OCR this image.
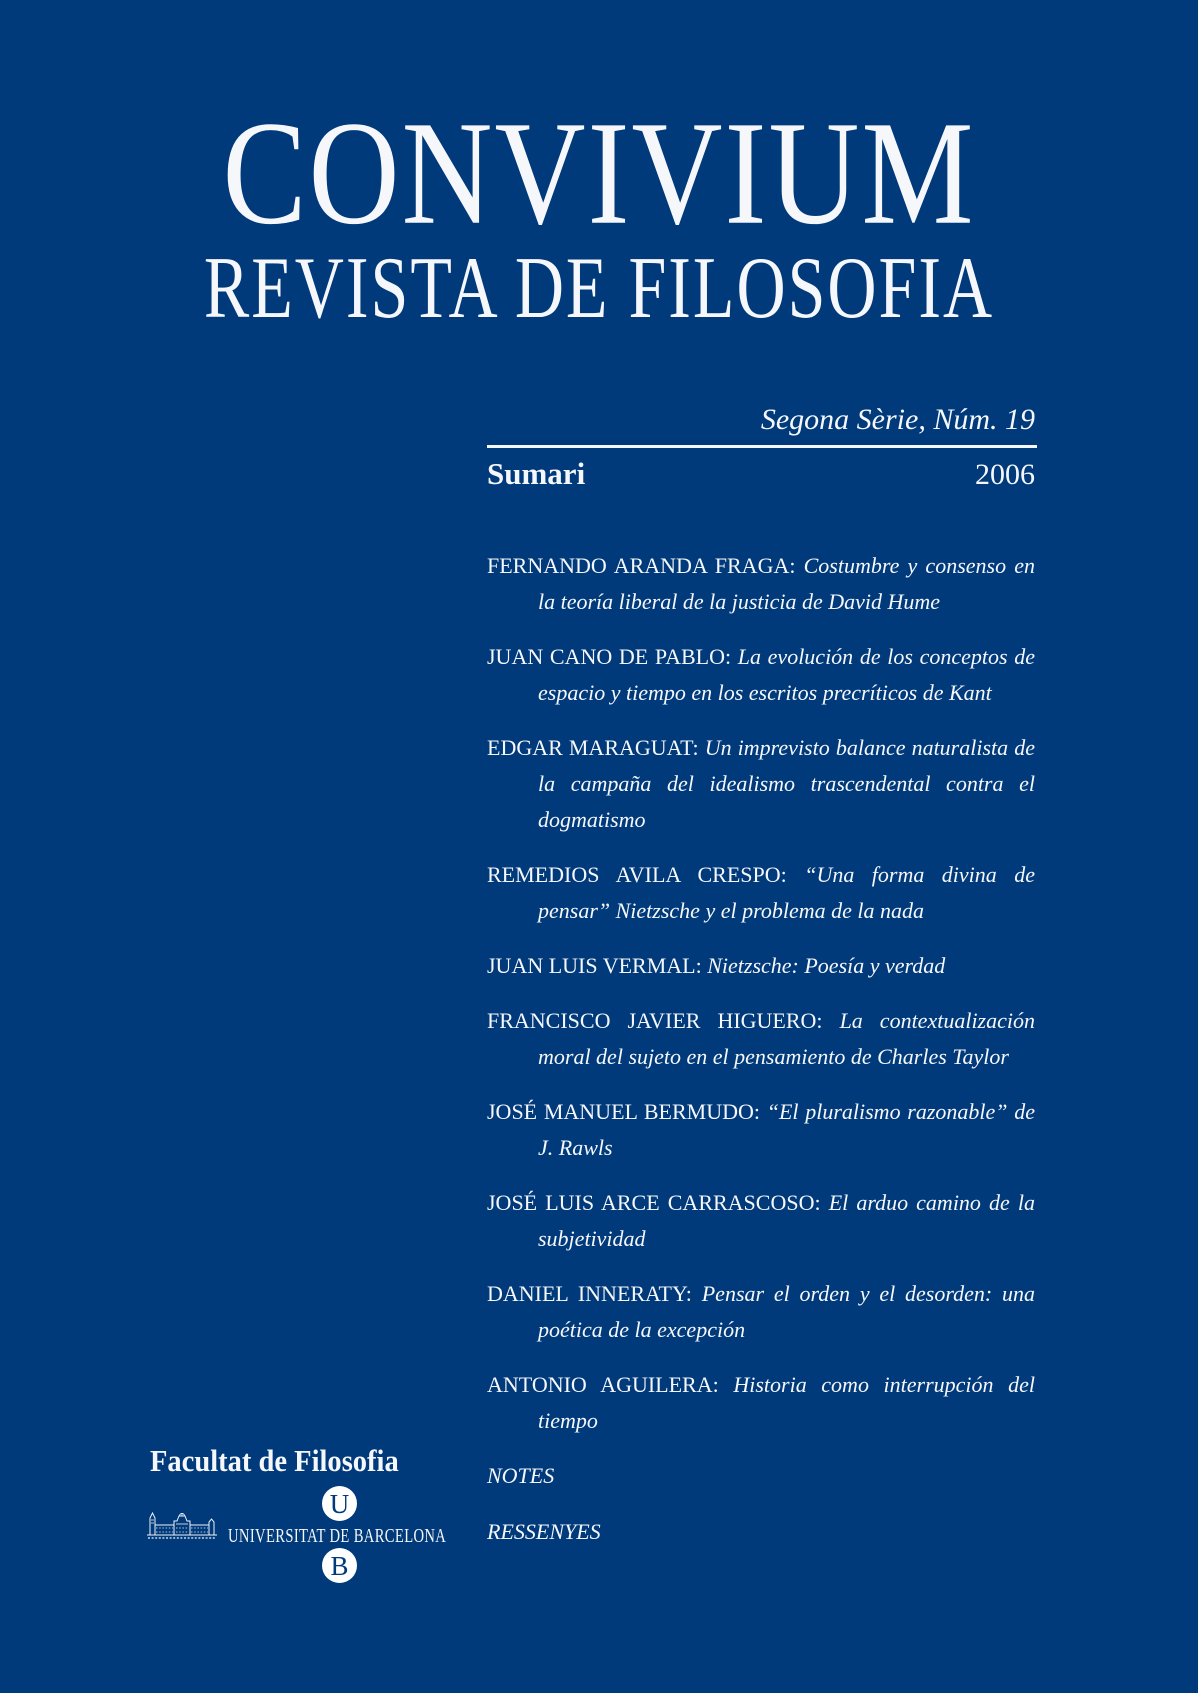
CONVIVIUM
REVISTA DE FILOSOFIA
Segona Sèrie, Núm. 19
Sumari	2006

FERNANDO ARANDA FRAGA: Costumbre y consenso en la teoría liberal de la justicia de David Hume

JUAN CANO DE PABLO: La evolución de los conceptos de espacio y tiempo en los escritos precríticos de Kant

EDGAR MARAGUAT: Un imprevisto balance naturalista de la campaña del idealismo trascendental contra el dogmatismo

REMEDIOS AVILA CRESPO: “Una forma divina de pensar” Nietzsche y el problema de la nada

JUAN LUIS VERMAL: Nietzsche: Poesía y verdad

FRANCISCO JAVIER HIGUERO: La contextualización moral del sujeto en el pensamiento de Charles Taylor

JOSÉ MANUEL BERMUDO: “El pluralismo razonable” de J. Rawls

JOSÉ LUIS ARCE CARRASCOSO: El arduo camino de la subjetividad

DANIEL INNERATY: Pensar el orden y el desorden: una poética de la excepción

ANTONIO AGUILERA: Historia como interrupción del tiempo

NOTES

RESSENYES

Facultat de Filosofia
U
UNIVERSITAT DE BARCELONA
B
